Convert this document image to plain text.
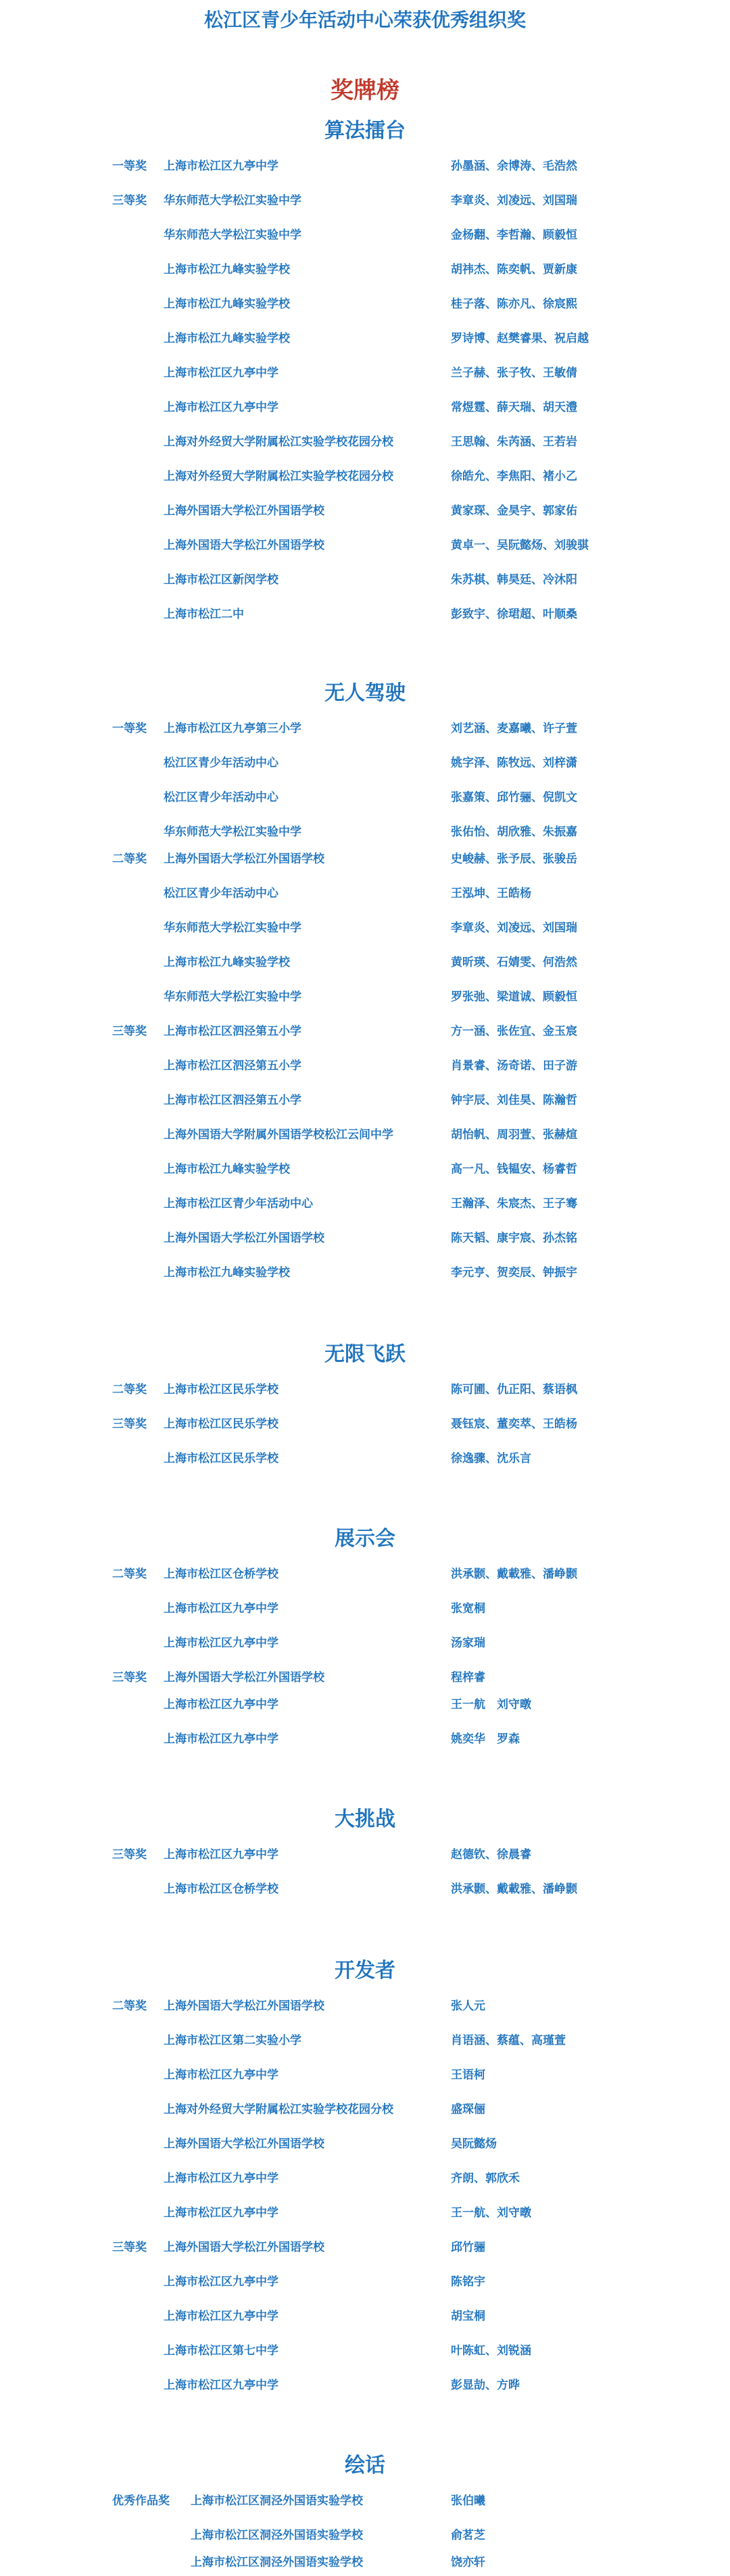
松江区青少年活动中心荣获优秀组织奖
奖牌榜
算法擂台
一等奖 上海市松江区九亭中学	孙墨涵、余博涛、毛浩然
三等奖 华东师范大学松江实验中学	李章炎、刘凌远、刘国瑞
华东师范大学松江实验中学	金杨翻、李哲瀚、顾毅恒
上海市松江九峰实验学校	胡祎杰、陈奕帆、贾新康
上海市松江九峰实验学校	桂子落、陈亦凡、徐宸熙
上海市松江九峰实验学校	罗诗博、赵樊睿果、祝启越
上海市松江区九亭中学	兰子赫、张子牧、王敏倩
上海市松江区九亭中学	常煜霆、薛天瑞、胡天澧
上海对外经贸大学附属松江实验学校花园分校	王思翰、朱芮涵、王若岩
上海对外经贸大学附属松江实验学校花园分校	徐皓允、李焦阳、褚小乙
上海外国语大学松江外国语学校	黄家琛、金昊宇、郭家佑
上海外国语大学松江外国语学校	黄卓一、吴阮懿炀、刘骏骐
上海市松江区新闵学校	朱苏棋、韩昊廷、冷沐阳
上海市松江二中	彭致宇、徐珺超、叶顺桑
无人驾驶
一等奖 上海市松江区九亭第三小学	刘艺涵、麦嘉曦、许子萱
松江区青少年活动中心	姚字泽、陈牧远、刘梓潇
松江区青少年活动中心	张嘉策、邱竹骊、倪凯文
华东师范大学松江实验中学	张佑怡、胡欣雅、朱振嘉
二等奖 上海外国语大学松江外国语学校	史峻赫、张予辰、张骏岳
松江区青少年活动中心	王泓坤、王皓杨
华东师范大学松江实验中学	李章炎、刘凌远、刘国瑞
上海市松江九峰实验学校	黄昕瑛、石婧雯、何浩然
华东师范大学松江实验中学	罗张弛、梁道诚、顾毅恒
三等奖 上海市松江区泗泾第五小学	方一涵、张佐宜、金玉宸
上海市松江区泗泾第五小学	肖景睿、汤奇诺、田子游
上海市松江区泗泾第五小学	钟宇辰、刘佳昊、陈瀚哲
上海外国语大学附属外国语学校松江云间中学	胡怡帆、周羽萱、张赫煊
上海市松江九峰实验学校	高一凡、钱韫安、杨睿哲
上海市松江区青少年活动中心	王瀚泽、朱宸杰、王子骞
上海外国语大学松江外国语学校	陈天韬、康宇宸、孙杰铭
上海市松江九峰实验学校	李元亨、贺奕辰、钟振宇
无限飞跃
二等奖 上海市松江区民乐学校	陈可圃、仇正阳、蔡语枫
三等奖 上海市松江区民乐学校	聂钰宸、董奕萃、王皓杨
上海市松江区民乐学校	徐逸骤、沈乐言
展示会
二等奖 上海市松江区仓桥学校	洪承颢、戴載雅、潘峥颢
上海市松江区九亭中学	张宽桐
上海市松江区九亭中学	汤家瑞
三等奖 上海外国语大学松江外国语学校	程梓睿
上海市松江区九亭中学	王一航　刘守暾
上海市松江区九亭中学	姚奕华　罗森
大挑战
三等奖 上海市松江区九亭中学	赵德钦、徐晨睿
上海市松江区仓桥学校	洪承颢、戴載雅、潘峥颢
开发者
二等奖 上海外国语大学松江外国语学校	张人元
上海市松江区第二实验小学	肖语涵、蔡蕴、高瑾萱
上海市松江区九亭中学	王语柯
上海对外经贸大学附属松江实验学校花园分校	盛琛俪
上海外国语大学松江外国语学校	吴阮懿炀
上海市松江区九亭中学	齐朗、郭欣禾
上海市松江区九亭中学	王一航、刘守暾
三等奖 上海外国语大学松江外国语学校	邱竹骊
上海市松江区九亭中学	陈铭宇
上海市松江区九亭中学	胡宝桐
上海市松江区第七中学	叶陈虹、刘锐涵
上海市松江区九亭中学	彭显劼、方晔
绘话
优秀作品奖 上海市松江区洞泾外国语实验学校	张伯曦
上海市松江区洞泾外国语实验学校	俞茗芝
上海市松江区洞泾外国语实验学校	饶亦轩
